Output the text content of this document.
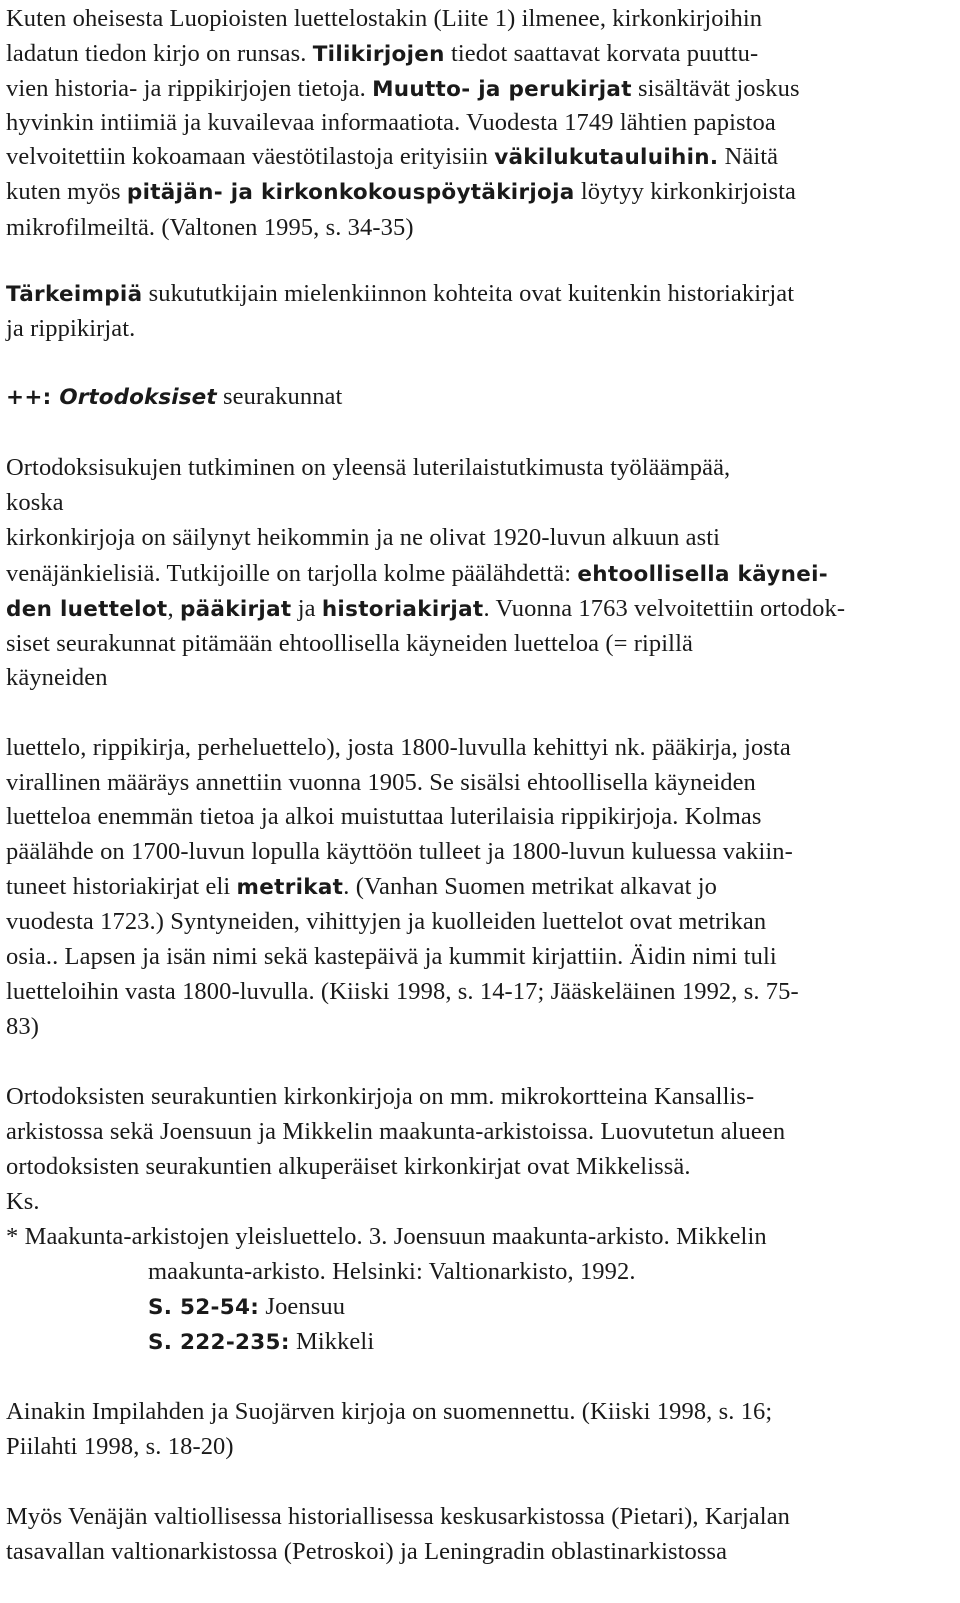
Kuten oheisesta Luopioisten luettelostakin (Liite 1) ilmenee, kirkonkirjoihin
ladatun tiedon kirjo on runsas. Tilikirjojen tiedot saattavat korvata puuttu-
vien historia- ja rippikirjojen tietoja. Muutto- ja perukirjat sisältävät joskus
hyvinkin intiimiä ja kuvailevaa informaatiota. Vuodesta 1749 lähtien papistoa
velvoitettiin kokoamaan väestötilastoja erityisiin väkilukutauluihin. Näitä
kuten myös pitäjän- ja kirkonkokouspöytäkirjoja löytyy kirkonkirjoista
mikrofilmeiltä. (Valtonen 1995, s. 34-35)
Tärkeimpiä sukututkijain mielenkiinnon kohteita ovat kuitenkin historiakirjat
ja rippikirjat.
++: Ortodoksiset seurakunnat
Ortodoksisukujen tutkiminen on yleensä luterilaistutkimusta työläämpää,
koska
kirkonkirjoja on säilynyt heikommin ja ne olivat 1920-luvun alkuun asti
venäjänkielisiä. Tutkijoille on tarjolla kolme päälähdettä: ehtoollisella käynei-
den luettelot, pääkirjat ja historiakirjat. Vuonna 1763 velvoitettiin ortodok-
siset seurakunnat pitämään ehtoollisella käyneiden luetteloa (= ripillä
käyneiden
luettelo, rippikirja, perheluettelo), josta 1800-luvulla kehittyi nk. pääkirja, josta
virallinen määräys annettiin vuonna 1905. Se sisälsi ehtoollisella käyneiden
luetteloa enemmän tietoa ja alkoi muistuttaa luterilaisia rippikirjoja. Kolmas
päälähde on 1700-luvun lopulla käyttöön tulleet ja 1800-luvun kuluessa vakiin-
tuneet historiakirjat eli metrikat. (Vanhan Suomen metrikat alkavat jo
vuodesta 1723.) Syntyneiden, vihittyjen ja kuolleiden luettelot ovat metrikan
osia.. Lapsen ja isän nimi sekä kastepäivä ja kummit kirjattiin. Äidin nimi tuli
luetteloihin vasta 1800-luvulla. (Kiiski 1998, s. 14-17; Jääskeläinen 1992, s. 75-
83)
Ortodoksisten seurakuntien kirkonkirjoja on mm. mikrokortteina Kansallis-
arkistossa sekä Joensuun ja Mikkelin maakunta-arkistoissa. Luovutetun alueen
ortodoksisten seurakuntien alkuperäiset kirkonkirjat ovat Mikkelissä.
Ks.
* Maakunta-arkistojen yleisluettelo. 3. Joensuun maakunta-arkisto. Mikkelin
maakunta-arkisto. Helsinki: Valtionarkisto, 1992.
S. 52-54: Joensuu
S. 222-235: Mikkeli
Ainakin Impilahden ja Suojärven kirjoja on suomennettu. (Kiiski 1998, s. 16;
Piilahti 1998, s. 18-20)
Myös Venäjän valtiollisessa historiallisessa keskusarkistossa (Pietari), Karjalan
tasavallan valtionarkistossa (Petroskoi) ja Leningradin oblastinarkistossa
